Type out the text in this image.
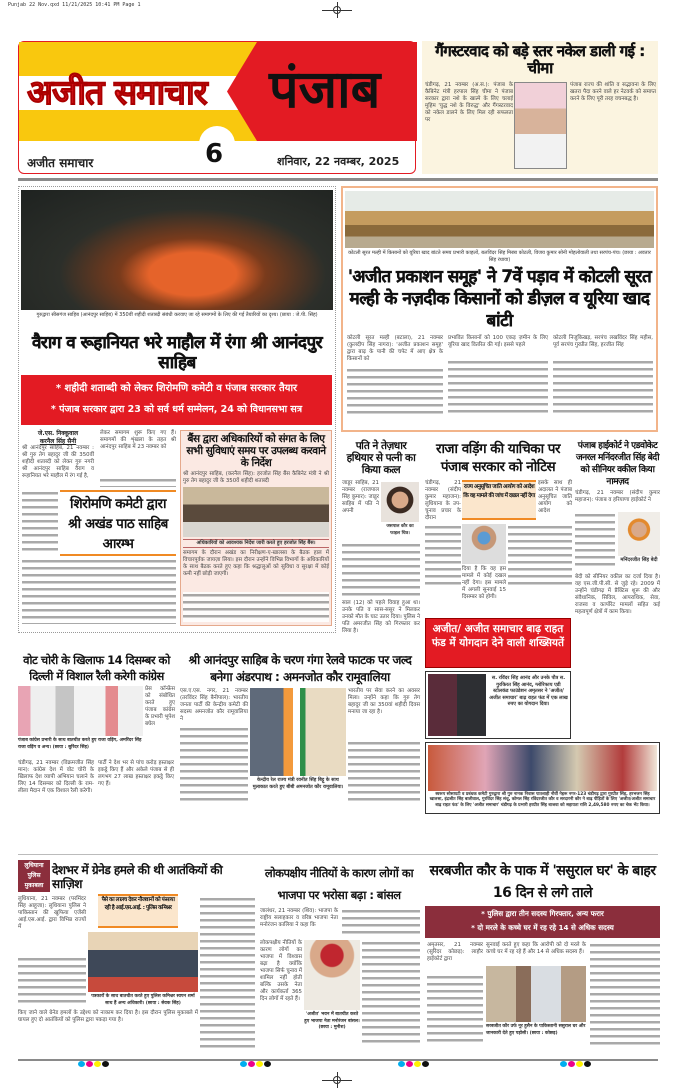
Punjab 22 Nov.qxd 11/21/2025 10:41 PM Page 1
अजीत समाचार पंजाब
6
अजीत समाचार	शनिवार, 22 नवम्बर, 2025
गैंगस्टरवाद को बड़े स्तर नकेल डाली गई : चीमा
चंडीगढ़, 21 नवम्बर (अ.स.): पंजाब के कैबिनेट मंत्री हरपाल सिंह चीमा ने पंजाब सरकार द्वारा नशे के खात्मे के लिए चलाई मुहिम 'युद्ध नशे के विरुद्ध' और गैंगस्टरवाद को नकेल डालने के लिए मिल रही सफलता पर
पंजाब राज्य की शांति व सद्भावना के लिए खतरा पैदा करने वाले हर नेटवर्क को समाप्त करने के लिए पूरी तरह वचनबद्ध है।
गुरुद्वारा सीसगंज साहिब (आनंदपुर साहिब) में 350वीं शहीदी शताब्दी संबंधी करवाए जा रहे समागमों के लिए की गई तैयारियों का दृश्य। (छाया : जे.पी. सिंह)
वैराग व रूहानियत भरे माहौल में रंगा श्री आनंदपुर साहिब
* शहीदी शताब्दी को लेकर शिरोमणि कमेटी व पंजाब सरकार तैयार
* पंजाब सरकार द्वारा 23 को सर्व धर्म सम्मेलन, 24 को विधानसभा सत्र
जे.एस. निक्कूवाल
करनैल सिंह सैनी
श्री आनंदपुर साहिब, 21 नवम्बर : श्री गुरु तेग बहादुर जी की 350वीं शहीदी शताब्दी को लेकर गुरु नगरी श्री आनंदपुर साहिब वैराग व रूहानियत भरे माहौल में रंग गई है,
लेकर समागम शुरू किए गए हैं। समागमों की शृंखला के तहत श्री आनंदपुर साहिब में 23 नवम्बर को
शिरोमणि कमेटी द्वारा श्री अखंड पाठ साहिब आरम्भ
बैंस द्वारा अधिकारियों को संगत के लिए सभी सुविधाएं समय पर उपलब्ध करवाने के निर्देश
श्री आनंदपुर साहिब, (करनैल सिंह): हरजोत सिंह बैंस कैबिनेट मंत्री ने श्री गुरु तेग बहादुर जी के 350वें शहीदी शताब्दी
अधिकारियों को आवश्यक निर्देश जारी करते हुए हरजोत सिंह बैंस।
समागम के दौरान अखंड का निरीक्षण-ए-खालसा के बैठक हाल में विचारपूर्वक जायज़ा लिया। इस दौरान उन्होंने विभिन्न विभागों के अधिकारियों के साथ बैठक करते हुए कहा कि श्रद्धालुओं को सुविधा व सुरक्षा में कोई कमी नहीं छोड़ी जाएगी।
कोटली सूरत मल्ही में किसानों को यूरिया खाद बांटते समय प्रभारी काहलों, बलविंदर सिंह मिस्त्रा कोटली, विजय कुमार सोनी मोहलोवाली तथा सरपंच-पंच। (छाया : अवतार सिंह रंधावा)
'अजीत प्रकाशन समूह' ने 7वें पड़ाव में कोटली सूरत मल्ही के नज़दीक किसानों को डीज़ल व यूरिया खाद बांटी
कोटली सूरत मल्ही (बटाला), 21 नवम्बर (कुलदीप सिंह नागरा): 'अजीत प्रकाशन समूह' द्वारा बाढ़ के पानी की चपेट में आए क्षेत्र के किसानों को
प्रभावित किसानों को 100 एकड़ ज़मीन के लिए यूरिया खाद वितरित की गई। इससे पहले
कोटली निजुकिखड़, सरपंच लखविंदर सिंह महीस, पूर्व सरपंच गुरप्रीत सिंह, हरजीत सिंह
पति ने तेज़धार हथियार से पत्नी का किया कत्ल
जाडूर साहिब, 21 नवम्बर (राजपाल सिंह कुमार): जाडूर साहिब में पति ने अपनी
जसपाल कौर का फाइल चित्र।
साल (12) को पहले विवाह हुआ था। उनके पति व सास-ससुर ने मिलकर उनको मौत के घाट उतार दिया। पुलिस ने पति अमरजीत सिंह को गिरफ्तार कर लिया है।
राजा वड़िंग की याचिका पर पंजाब सरकार को नोटिस
चंडीगढ़, 21 नवम्बर (संदीप कुमार महाजन): लुधियाना के उप-चुनाव प्रचार के दौरान
राज्य अनुसूचित जाति आयोग को आदेश कि वह मामले की जांच में दखल नहीं देगा
इसके साथ ही अदालत ने पंजाब अनुसूचित जाति आयोग को आदेश
दिया है कि वह इस मामले में कोई दखल नहीं देगा। इस मामले में अगली सुनवाई 15 दिसम्बर को होगी।
पंजाब हाईकोर्ट ने एडवोकेट जनरल मनिंदरजीत सिंह बेदी को सीनियर वकील किया नामज़द
चंडीगढ़, 21 नवम्बर (संदीप कुमार महाजन): पंजाब व हरियाणा हाईकोर्ट ने
मनिंदरजीत सिंह बेदी
बेदी को सीनियर वकील का दर्जा दिया है। वह एस.जी.पी.सी. से जुड़े रहे। 2009 में उन्होंने चंडीगढ़ में प्रैक्टिस शुरू की और संवैधानिक, सिविल, आपराधिक, सेवा, राजस्व व कार्पोरेट मामलों सहित कई महत्वपूर्ण क्षेत्रों में काम किया।
अजीत/ अजीत समाचार बाढ़ राहत फंड में योगदान देने वाली शख्सियतें
स. रविंदर सिंह आनंद और उनके पौत्र स. गुरकिरत सिंह आनंद, ग्लोरिफाय एडी स्टोलकंड फाउंडेशन अमृतसर ने 'अजीत/अजीत समाचार' बाढ़ राहत फंड में एक लाख रुपए का योगदान दिया।
स्वरूप सोसायटी व प्रबंधक कमेटी गुरुद्वारा श्री गुरु नानक निवास पातशाही नौवीं नेहरू नगर-123 चंडीगढ़ द्वारा गुरप्रीत सिंह, हरभजन सिंह खालसा, इंद्रजीत सिंह बालीवाल, गुरविंदर सिंह संधू, कोमल सिंह रविंदरजीत कौर व सरदारनी कौर ने बाढ़ पीड़ितों के लिए 'अजीत/अजीत समाचार बाढ़ राहत फंड' के लिए 'अजीत समाचार' चंडीगढ़ के प्रभारी हरप्रीत सिंह बाजवा को सहायता राशि 2,49,580 रुपए का चेक भेंट किया।
वोट चोरी के खिलाफ 14 दिसम्बर को दिल्ली में विशाल रैली करेगी कांग्रेस
प्रेस कॉन्फ्रेंस को संबोधित करते हुए पंजाब कांग्रेस के प्रभारी भूपेश बघेल
पंजाब कांग्रेस प्रभारी के साथ बातचीत करते हुए राजा वड़िंग, अमरिंदर सिंह राजा वड़िंग व अन्य। (छाया : सुरिंदर सिंह)
चंडीगढ़, 21 नवम्बर (विक्रमजीत सिंह मान): कांग्रेस देश में वोट चोरी के खिलाफ देश व्यापी अभियान चलाने के लिए 14 दिसम्बर को दिल्ली के राम-लीला मैदान में एक विशाल रैली करेगी।
पार्टी ने देश भर से पांच करोड़ हस्ताक्षर इकट्ठे किए हैं और अकेले पंजाब से ही लगभग 27 लाख हस्ताक्षर इकट्ठे किए गए हैं।
श्री आनंदपुर साहिब के चरण गंगा रेलवे फाटक पर जल्द बनेगा अंडरपाथ : अमनजोत कौर रामूवालिया
एस.ए.एस. नगर, 21 नवम्बर (तरविंदर सिंह बैनीपाल): भारतीय जनता पार्टी की केन्द्रीय कमेटी की सदस्य अमनजोत कौर रामूवालिया ने
केन्द्रीय रेल राज्य मंत्री रवनीत सिंह बिट्टू के साथ मुलाकात करते हुए बीबी अमनजोत कौर रामूवालिया।
भारतीय पर सेवा करने का अवसर मिला। उन्होंने कहा कि गुरु तेग बहादुर जी का 350वां शहीदी दिवस मनाया जा रहा है।
लुधियाना पुलिस मुकाबला
देशभर में ग्रेनेड हमले की थी आतंकियों की साज़िश
लुधियाना, 21 नवम्बर (परमिंदर सिंह आहूजा): लुधियाना पुलिस ने पाकिस्तान की खुफिया एजेंसी आई.एस.आई. द्वारा विभिन्न राज्यों में
पैसे का लालच देकर नौजवानों को फंसाया रही है आई.एस.आई. : पुलिस कमिश्नर
पत्रकारों के साथ बातचीत करते हुए पुलिस कमिश्नर स्वपन शर्मा साथ हैं अन्य अधिकारी। (छाया : सेवक सिंह)
किए जाने वाले ग्रेनेड हमलों के उद्देश्य को नाकाम कर दिया है। इस दौरान पुलिस मुकाबले में घायल हुए दो आतंकियों को पुलिस द्वारा पकड़ा गया है।
लोकपक्षीय नीतियों के कारण लोगों का भाजपा पर भरोसा बढ़ा : बांसल
जालंधर, 21 नवम्बर (शिव): भाजपा के राष्ट्रीय सलाहकार व वरिष्ठ भाजपा नेता मनोरंजन कालिया ने कहा कि
लोकपक्षीय नीतियों के कारण लोगों का भाजपा में विश्वास बढ़ा है क्योंकि भाजपा सिर्फ चुनाव में शामिल नहीं होती बल्कि उसके नेता और कार्यकर्ता 365 दिन लोगों में रहते हैं।
'अजीत' भवन में बातचीत करते हुए भाजपा नेता मनोरंजन बांसल। (छाया : मुनीश)
सरबजीत कौर के पाक में 'ससुराल घर' के बाहर 16 दिन से लगे ताले
* पुलिस द्वारा तीन सदस्य गिरफ्तार, अन्य फरार
* दो मरले के कच्चे घर में रह रहे 14 से अधिक सदस्य
अमृतसर, 21 नवम्बर (सुरिंदर कोछड़): लाहौर हाईकोर्ट द्वारा
सुनवाई करते हुए कहा कि आरोपी को दो मरले के कच्चे घर में रह रहे हैं और 14 से अधिक सदस्य हैं।
सरबजीत कौर उर्फ नूर हुसैन के पाकिस्तानी ससुराल घर और जानकारी देते हुए पड़ोसी। (छाया : कोछड़)
